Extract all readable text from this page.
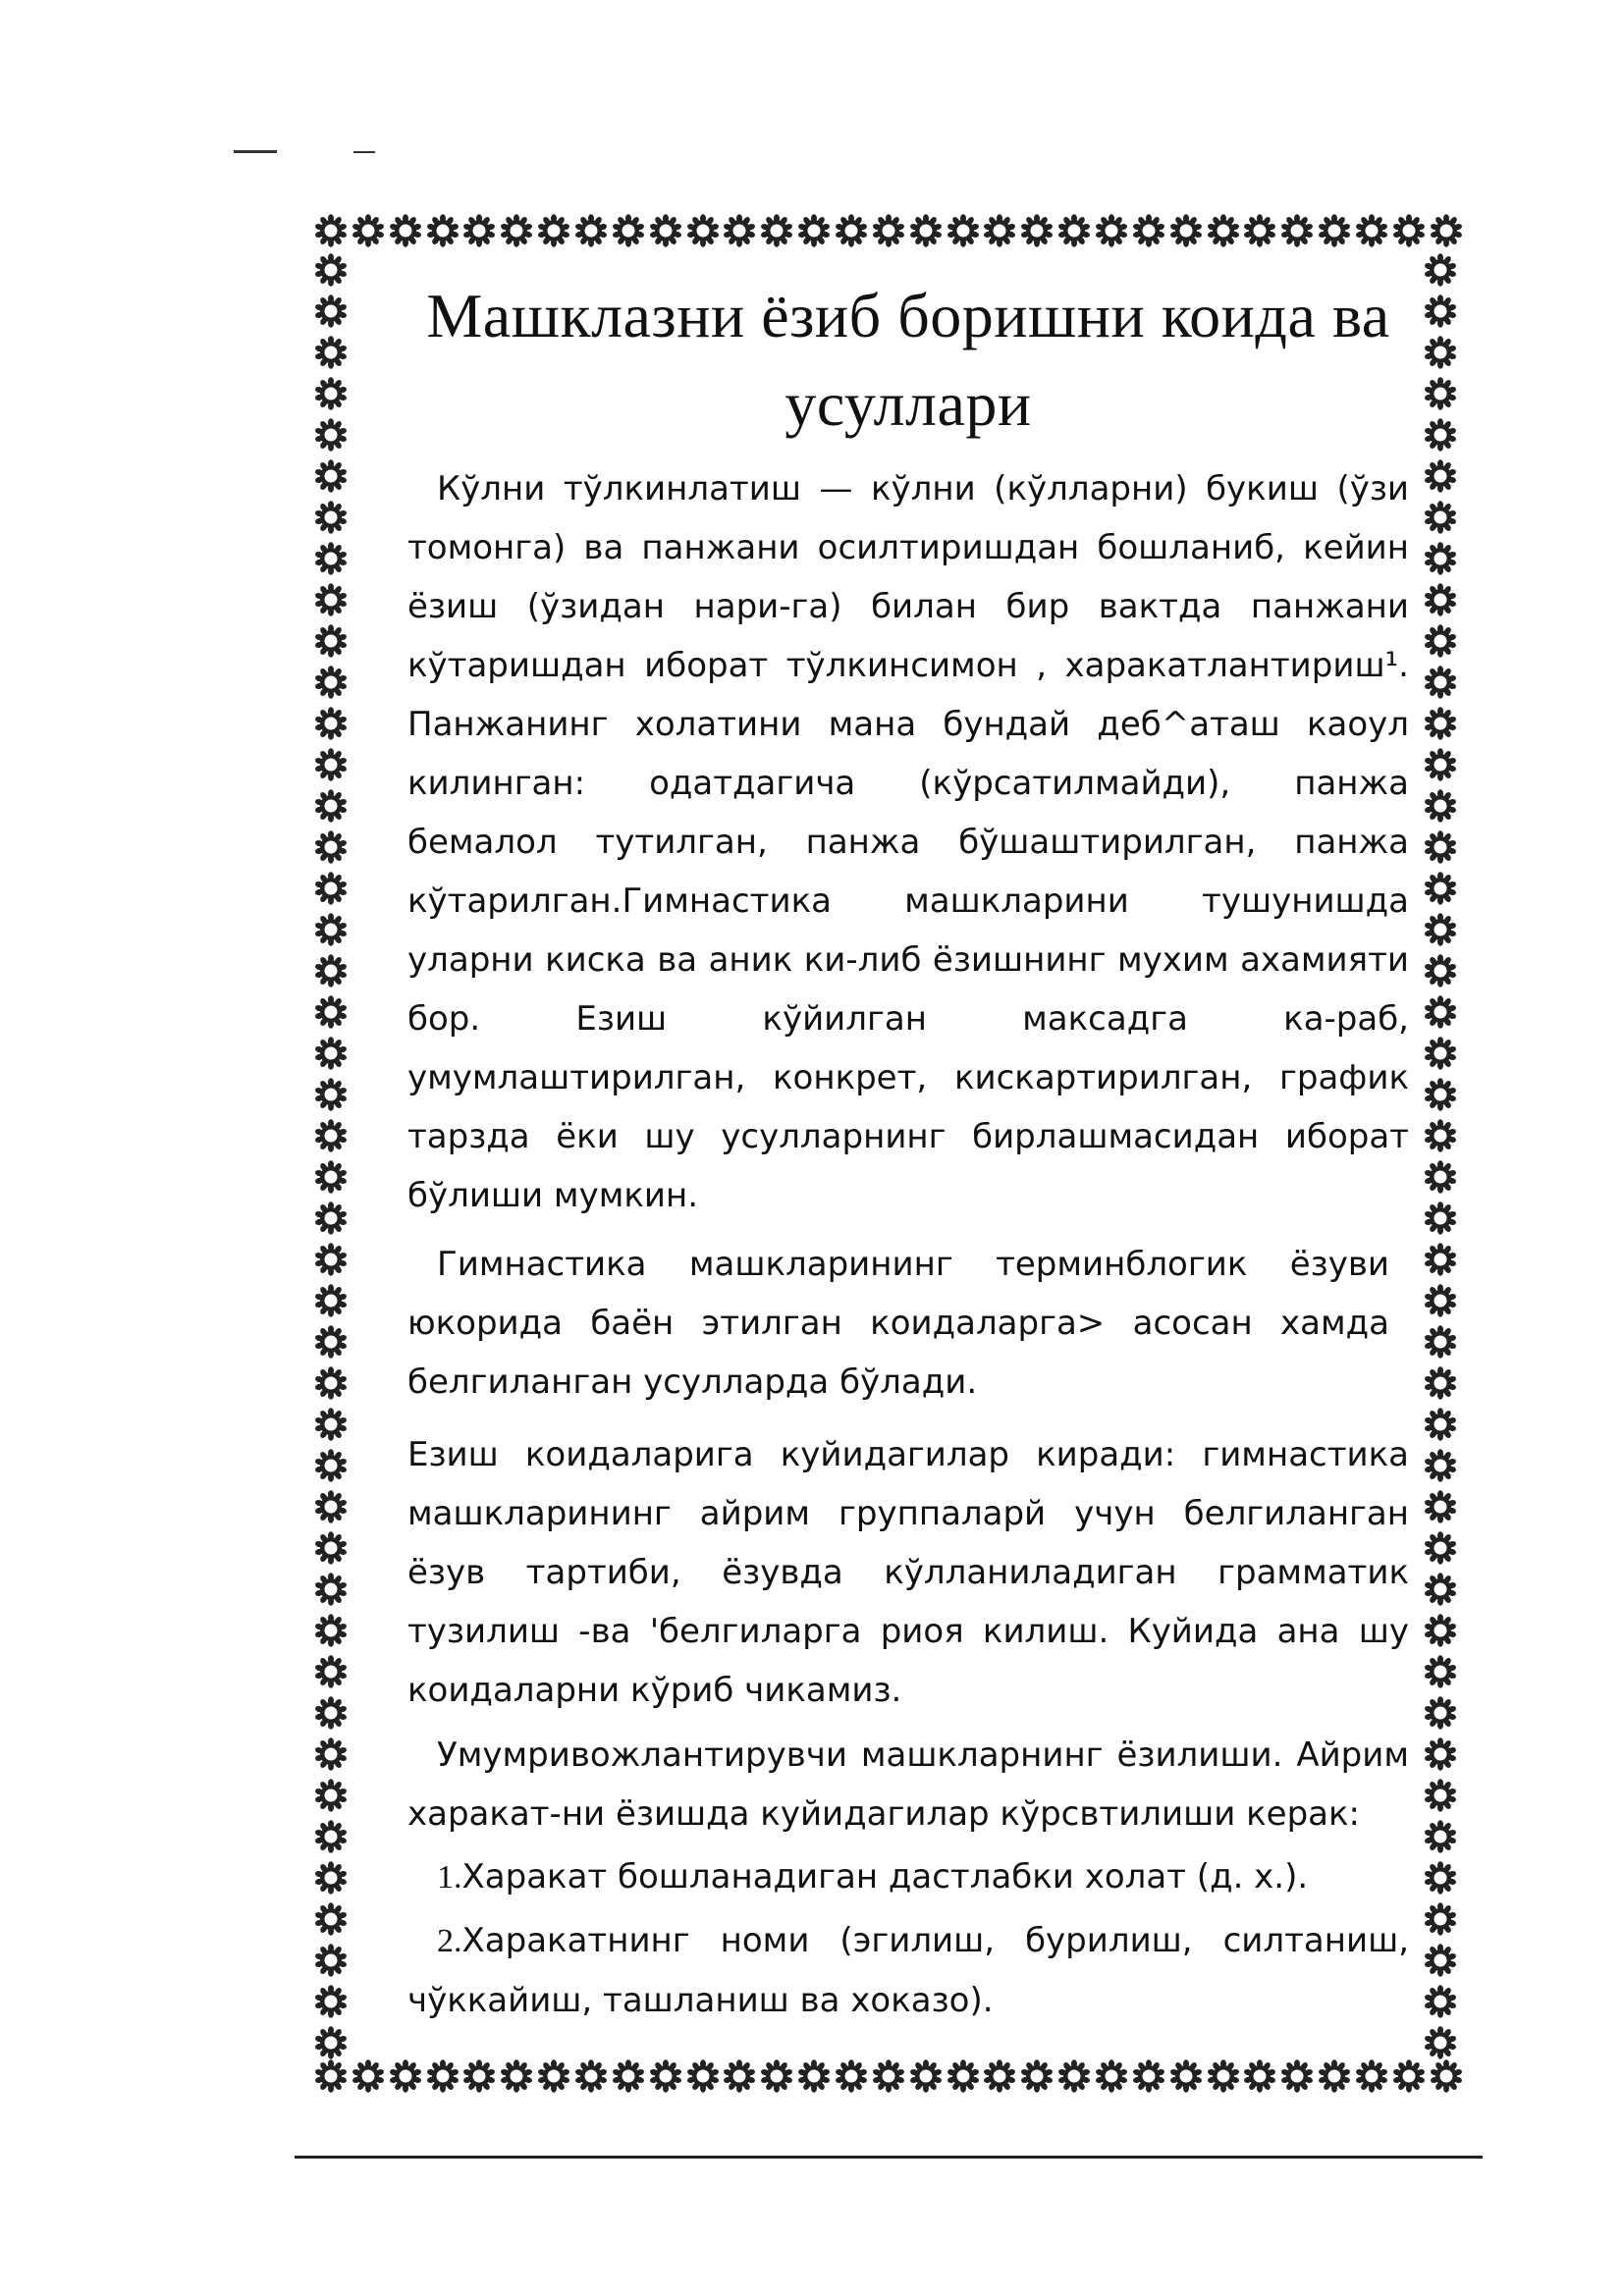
Машклазни ёзиб боришни коида ва
усуллари

Кўлни тўлкинлатиш — кўлни (кўлларни) букиш (ўзи томонга) ва панжани осилтиришдан бошланиб, кейин ёзиш (ўзидан нари-га) билан бир вактда панжани кўтаришдан иборат тўлкинсимон , харакатлантириш¹. Панжанинг холатини мана бундай деб^аташ каоул килинган: одатдагича (кўрсатилмайди), панжа бемалол тутилган, панжа бўшаштирилган, панжа кўтарилган.Гимнастика машкларини тушунишда уларни киска ва аник ки-либ ёзишнинг мухим ахамияти бор. Езиш кўйилган максадга ка-раб, умумлаштирилган, конкрет, кискартирилган, график тарзда ёки шу усулларнинг бирлашмасидан иборат бўлиши мумкин.

Гимнастика машкларининг терминблогик ёзуви юкорида баён этилган коидаларга> асосан хамда белгиланган усулларда бўлади.

Езиш коидаларига куйидагилар киради: гимнастика машкларининг айрим группаларй учун белгиланган ёзув тартиби, ёзувда кўлланиладиган грамматик тузилиш -ва 'белгиларга риоя килиш. Куйида ана шу коидаларни кўриб чикамиз.

Умумривожлантирувчи машкларнинг ёзилиши. Айрим харакат-ни ёзишда куйидагилар кўрсвтилиши керак:

1.Харакат бошланадиган дастлабки холат (д. х.).

2.Харакатнинг номи (эгилиш, бурилиш, силтаниш, чўккайиш, ташланиш ва хоказо).
